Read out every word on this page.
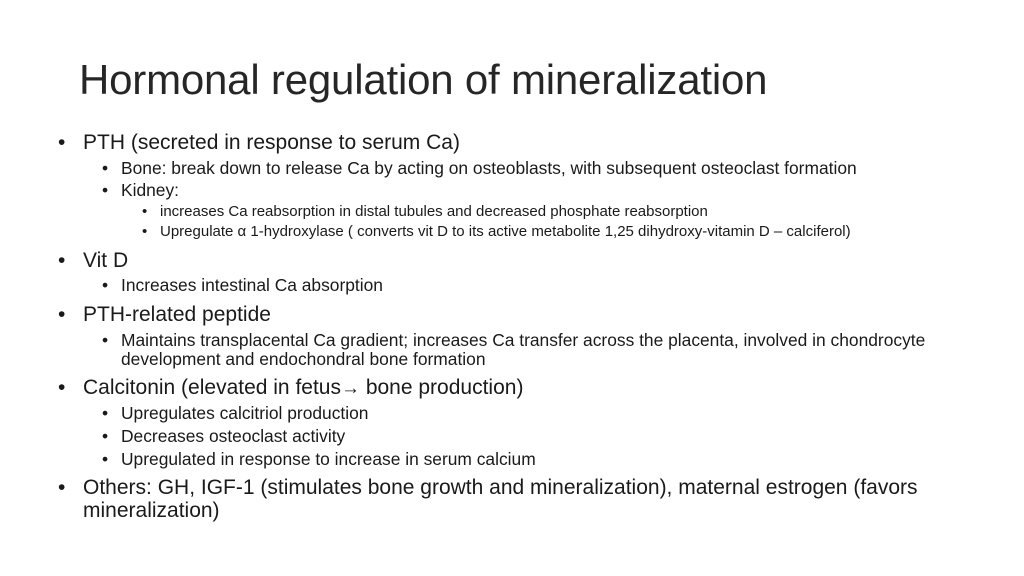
Hormonal regulation of mineralization
• PTH (secreted in response to serum Ca)
• Bone: break down to release Ca by acting on osteoblasts, with subsequent osteoclast formation
• Kidney:
• increases Ca reabsorption in distal tubules and decreased phosphate reabsorption
• Upregulate α 1-hydroxylase ( converts vit D to its active metabolite 1,25 dihydroxy-vitamin D – calciferol)
• Vit D
• Increases intestinal Ca absorption
• PTH-related peptide
• Maintains transplacental Ca gradient; increases Ca transfer across the placenta, involved in chondrocyte development and endochondral bone formation
• Calcitonin (elevated in fetus→ bone production)
• Upregulates calcitriol production
• Decreases osteoclast activity
• Upregulated in response to increase in serum calcium
• Others: GH, IGF-1 (stimulates bone growth and mineralization), maternal estrogen (favors mineralization)
